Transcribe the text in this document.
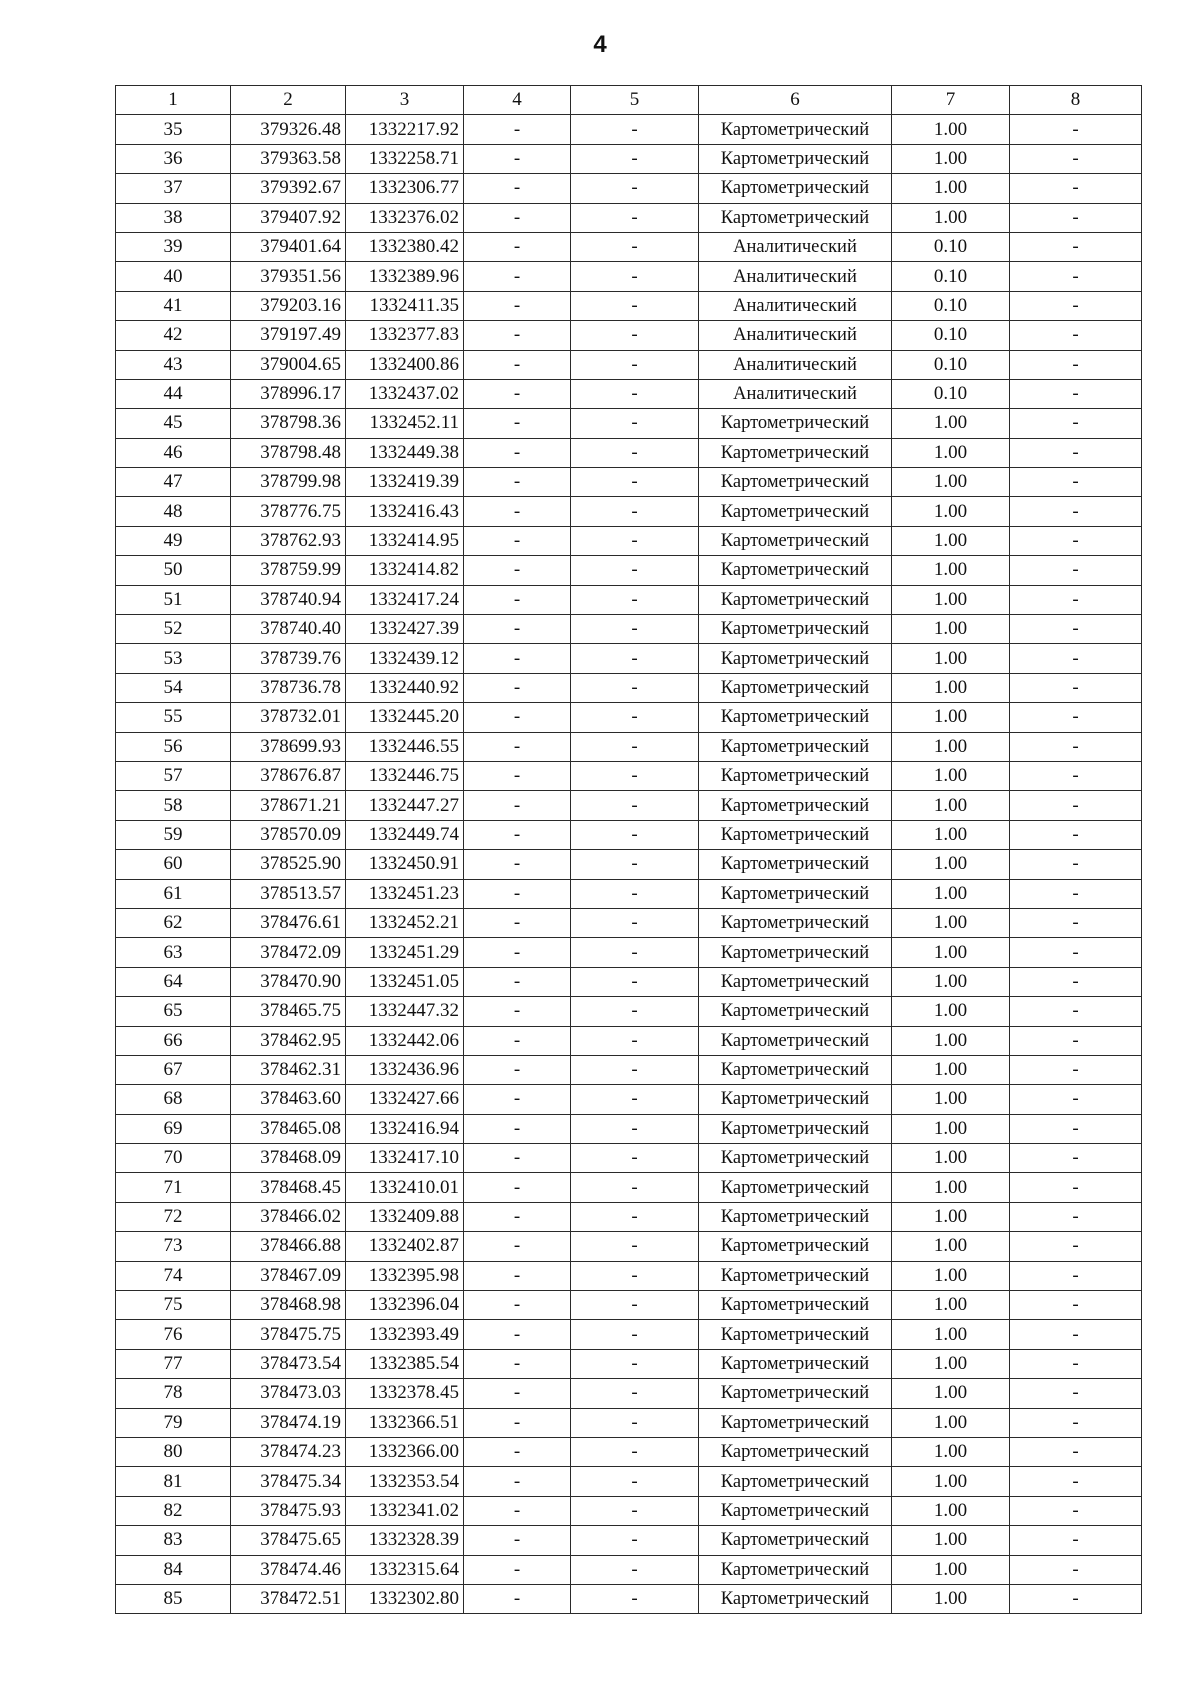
4
1	2	3	4	5	6	7	8
35	379326.48	1332217.92	-	-	Картометрический	1.00	-
36	379363.58	1332258.71	-	-	Картометрический	1.00	-
37	379392.67	1332306.77	-	-	Картометрический	1.00	-
38	379407.92	1332376.02	-	-	Картометрический	1.00	-
39	379401.64	1332380.42	-	-	Аналитический	0.10	-
40	379351.56	1332389.96	-	-	Аналитический	0.10	-
41	379203.16	1332411.35	-	-	Аналитический	0.10	-
42	379197.49	1332377.83	-	-	Аналитический	0.10	-
43	379004.65	1332400.86	-	-	Аналитический	0.10	-
44	378996.17	1332437.02	-	-	Аналитический	0.10	-
45	378798.36	1332452.11	-	-	Картометрический	1.00	-
46	378798.48	1332449.38	-	-	Картометрический	1.00	-
47	378799.98	1332419.39	-	-	Картометрический	1.00	-
48	378776.75	1332416.43	-	-	Картометрический	1.00	-
49	378762.93	1332414.95	-	-	Картометрический	1.00	-
50	378759.99	1332414.82	-	-	Картометрический	1.00	-
51	378740.94	1332417.24	-	-	Картометрический	1.00	-
52	378740.40	1332427.39	-	-	Картометрический	1.00	-
53	378739.76	1332439.12	-	-	Картометрический	1.00	-
54	378736.78	1332440.92	-	-	Картометрический	1.00	-
55	378732.01	1332445.20	-	-	Картометрический	1.00	-
56	378699.93	1332446.55	-	-	Картометрический	1.00	-
57	378676.87	1332446.75	-	-	Картометрический	1.00	-
58	378671.21	1332447.27	-	-	Картометрический	1.00	-
59	378570.09	1332449.74	-	-	Картометрический	1.00	-
60	378525.90	1332450.91	-	-	Картометрический	1.00	-
61	378513.57	1332451.23	-	-	Картометрический	1.00	-
62	378476.61	1332452.21	-	-	Картометрический	1.00	-
63	378472.09	1332451.29	-	-	Картометрический	1.00	-
64	378470.90	1332451.05	-	-	Картометрический	1.00	-
65	378465.75	1332447.32	-	-	Картометрический	1.00	-
66	378462.95	1332442.06	-	-	Картометрический	1.00	-
67	378462.31	1332436.96	-	-	Картометрический	1.00	-
68	378463.60	1332427.66	-	-	Картометрический	1.00	-
69	378465.08	1332416.94	-	-	Картометрический	1.00	-
70	378468.09	1332417.10	-	-	Картометрический	1.00	-
71	378468.45	1332410.01	-	-	Картометрический	1.00	-
72	378466.02	1332409.88	-	-	Картометрический	1.00	-
73	378466.88	1332402.87	-	-	Картометрический	1.00	-
74	378467.09	1332395.98	-	-	Картометрический	1.00	-
75	378468.98	1332396.04	-	-	Картометрический	1.00	-
76	378475.75	1332393.49	-	-	Картометрический	1.00	-
77	378473.54	1332385.54	-	-	Картометрический	1.00	-
78	378473.03	1332378.45	-	-	Картометрический	1.00	-
79	378474.19	1332366.51	-	-	Картометрический	1.00	-
80	378474.23	1332366.00	-	-	Картометрический	1.00	-
81	378475.34	1332353.54	-	-	Картометрический	1.00	-
82	378475.93	1332341.02	-	-	Картометрический	1.00	-
83	378475.65	1332328.39	-	-	Картометрический	1.00	-
84	378474.46	1332315.64	-	-	Картометрический	1.00	-
85	378472.51	1332302.80	-	-	Картометрический	1.00	-
